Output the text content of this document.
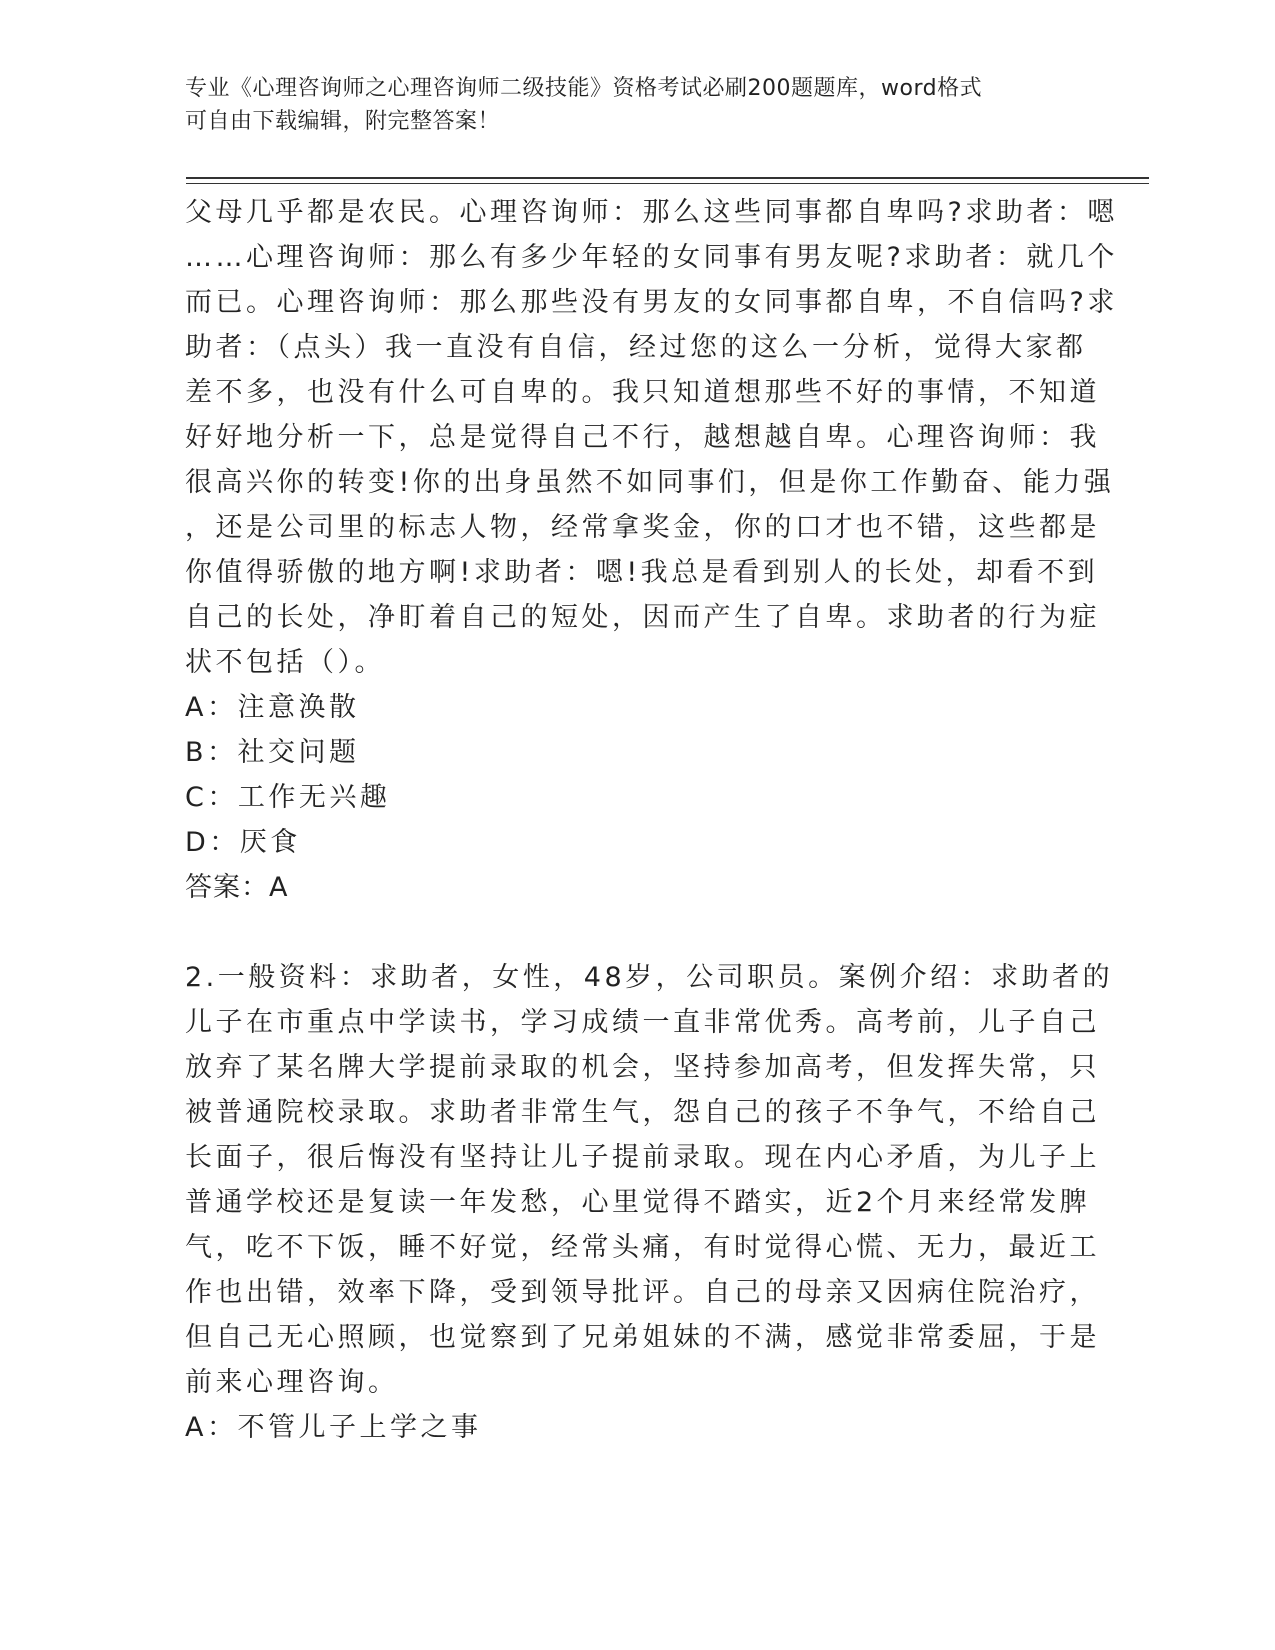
专业《心理咨询师之心理咨询师二级技能》资格考试必刷200题题库，word格式
可自由下载编辑，附完整答案！
父母几乎都是农民。心理咨询师：那么这些同事都自卑吗?求助者：嗯
……心理咨询师：那么有多少年轻的女同事有男友呢?求助者：就几个
而已。心理咨询师：那么那些没有男友的女同事都自卑，不自信吗?求
助者：（点头）我一直没有自信，经过您的这么一分析，觉得大家都
差不多，也没有什么可自卑的。我只知道想那些不好的事情，不知道
好好地分析一下，总是觉得自己不行，越想越自卑。心理咨询师：我
很高兴你的转变!你的出身虽然不如同事们，但是你工作勤奋、能力强
，还是公司里的标志人物，经常拿奖金，你的口才也不错，这些都是
你值得骄傲的地方啊!求助者：嗯!我总是看到别人的长处，却看不到
自己的长处，净盯着自己的短处，因而产生了自卑。求助者的行为症
状不包括（）。
A：注意涣散
B：社交问题
C：工作无兴趣
D：厌食
答案：A
2.一般资料：求助者，女性，48岁，公司职员。案例介绍：求助者的
儿子在市重点中学读书，学习成绩一直非常优秀。高考前，儿子自己
放弃了某名牌大学提前录取的机会，坚持参加高考，但发挥失常，只
被普通院校录取。求助者非常生气，怨自己的孩子不争气，不给自己
长面子，很后悔没有坚持让儿子提前录取。现在内心矛盾，为儿子上
普通学校还是复读一年发愁，心里觉得不踏实，近2个月来经常发脾
气，吃不下饭，睡不好觉，经常头痛，有时觉得心慌、无力，最近工
作也出错，效率下降，受到领导批评。自己的母亲又因病住院治疗，
但自己无心照顾，也觉察到了兄弟姐妹的不满，感觉非常委屈，于是
前来心理咨询。
A：不管儿子上学之事
